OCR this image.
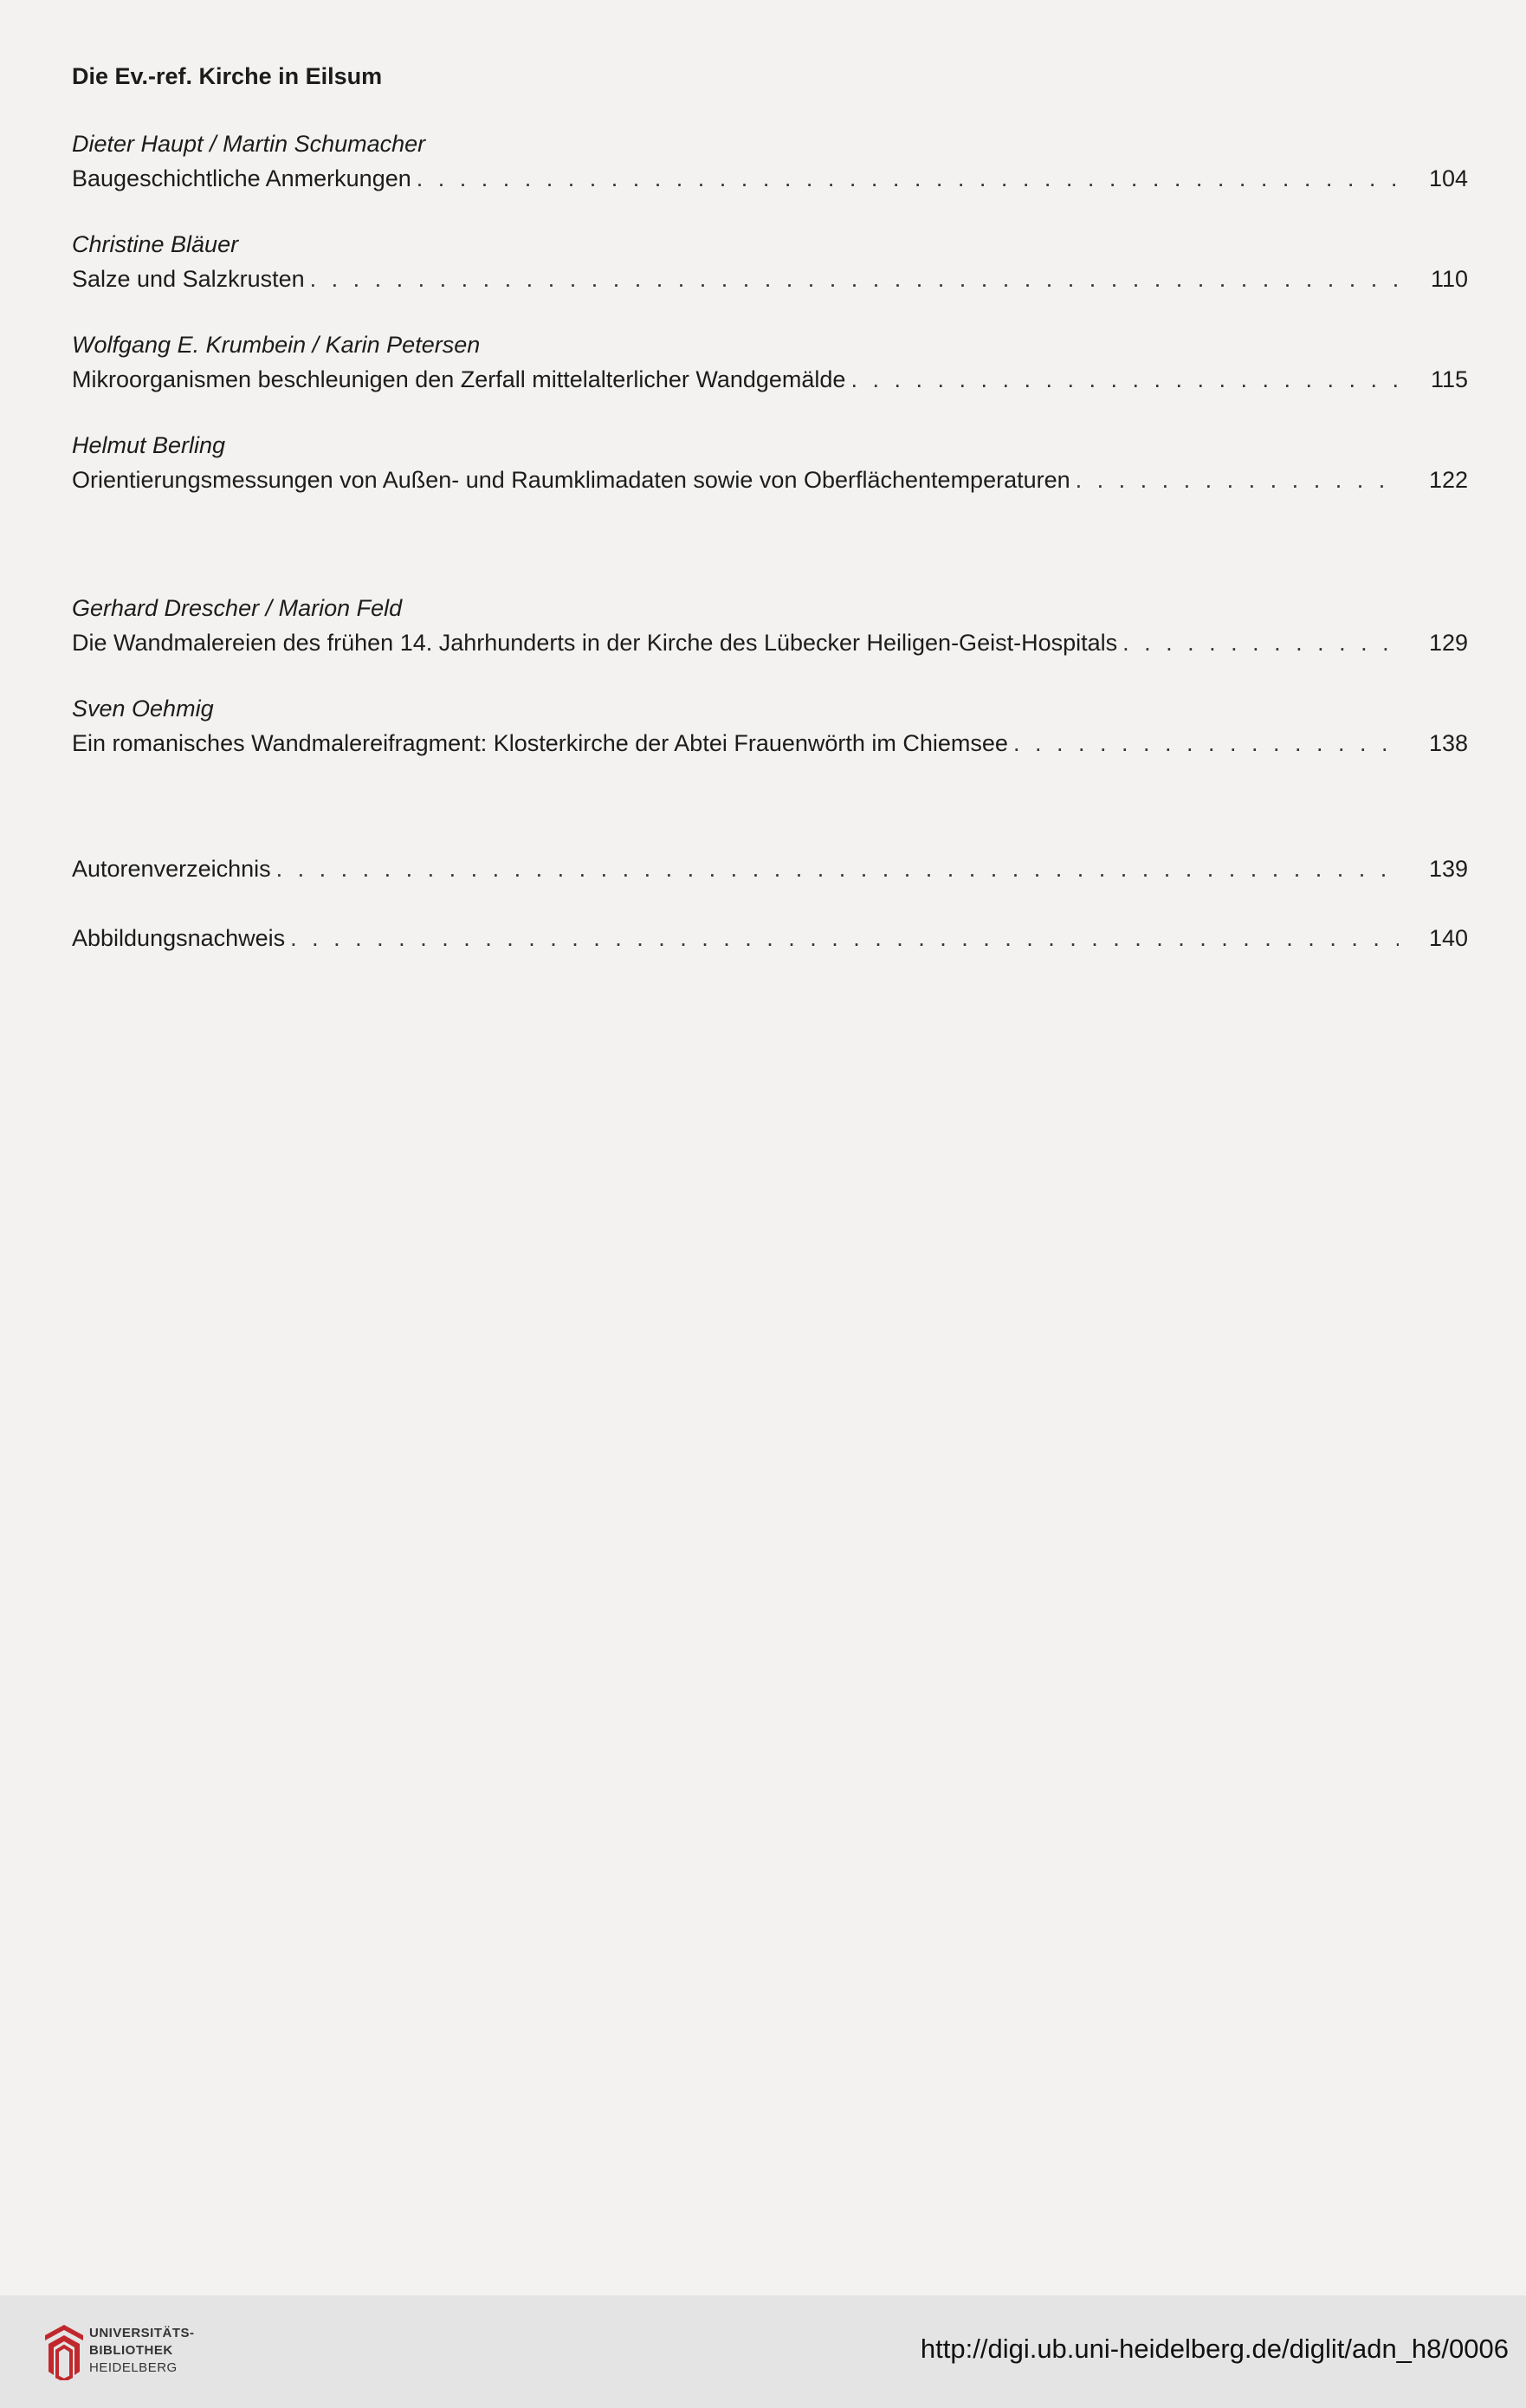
Die Ev.-ref. Kirche in Eilsum
Dieter Haupt / Martin Schumacher
Baugeschichtliche Anmerkungen . . .	104
Christine Bläuer
Salze und Salzkrusten . . .	110
Wolfgang E. Krumbein / Karin Petersen
Mikroorganismen beschleunigen den Zerfall mittelalterlicher Wandgemälde . . .	115
Helmut Berling
Orientierungsmessungen von Außen- und Raumklimadaten sowie von Oberflächentemperaturen . . .	122
Gerhard Drescher / Marion Feld
Die Wandmalereien des frühen 14. Jahrhunderts in der Kirche des Lübecker Heiligen-Geist-Hospitals . . .	129
Sven Oehmig
Ein romanisches Wandmalereifragment: Klosterkirche der Abtei Frauenwörth im Chiemsee . . .	138
Autorenverzeichnis . . .	139
Abbildungsnachweis . . .	140
UNIVERSITÄTS-
BIBLIOTHEK
HEIDELBERG
http://digi.ub.uni-heidelberg.de/diglit/adn_h8/0006
